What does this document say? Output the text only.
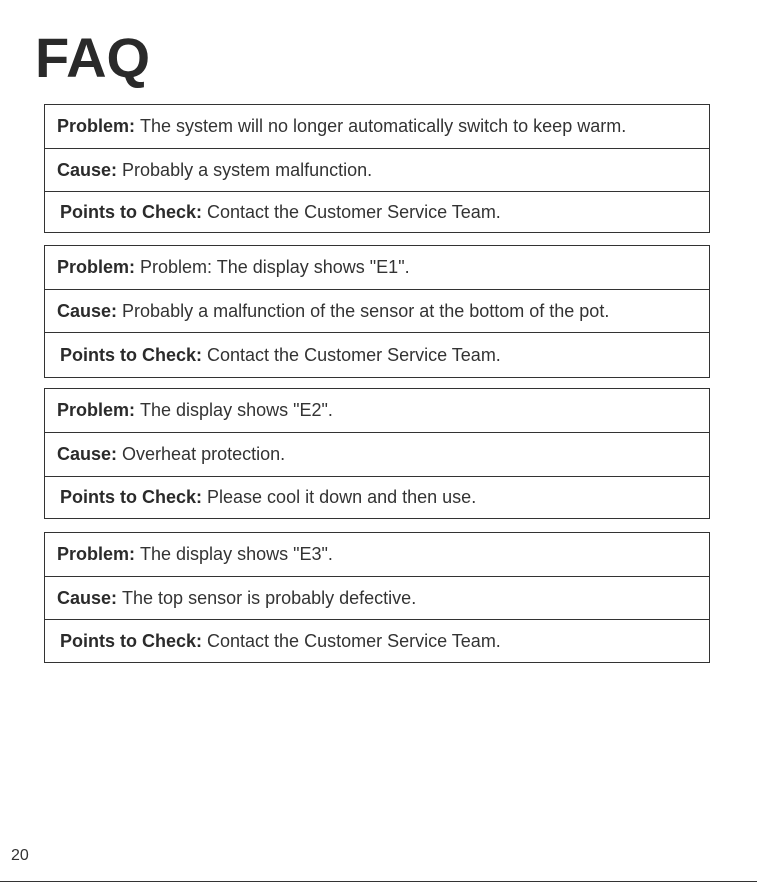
FAQ
Problem: The system will no longer automatically switch to keep warm.
Cause: Probably a system malfunction.
Points to Check: Contact the Customer Service Team.
Problem: Problem: The display shows "E1".
Cause: Probably a malfunction of the sensor at the bottom of the pot.
Points to Check: Contact the Customer Service Team.
Problem: The display shows "E2".
Cause: Overheat protection.
Points to Check: Please cool it down and then use.
Problem: The display shows "E3".
Cause: The top sensor is probably defective.
Points to Check: Contact the Customer Service Team.
20
